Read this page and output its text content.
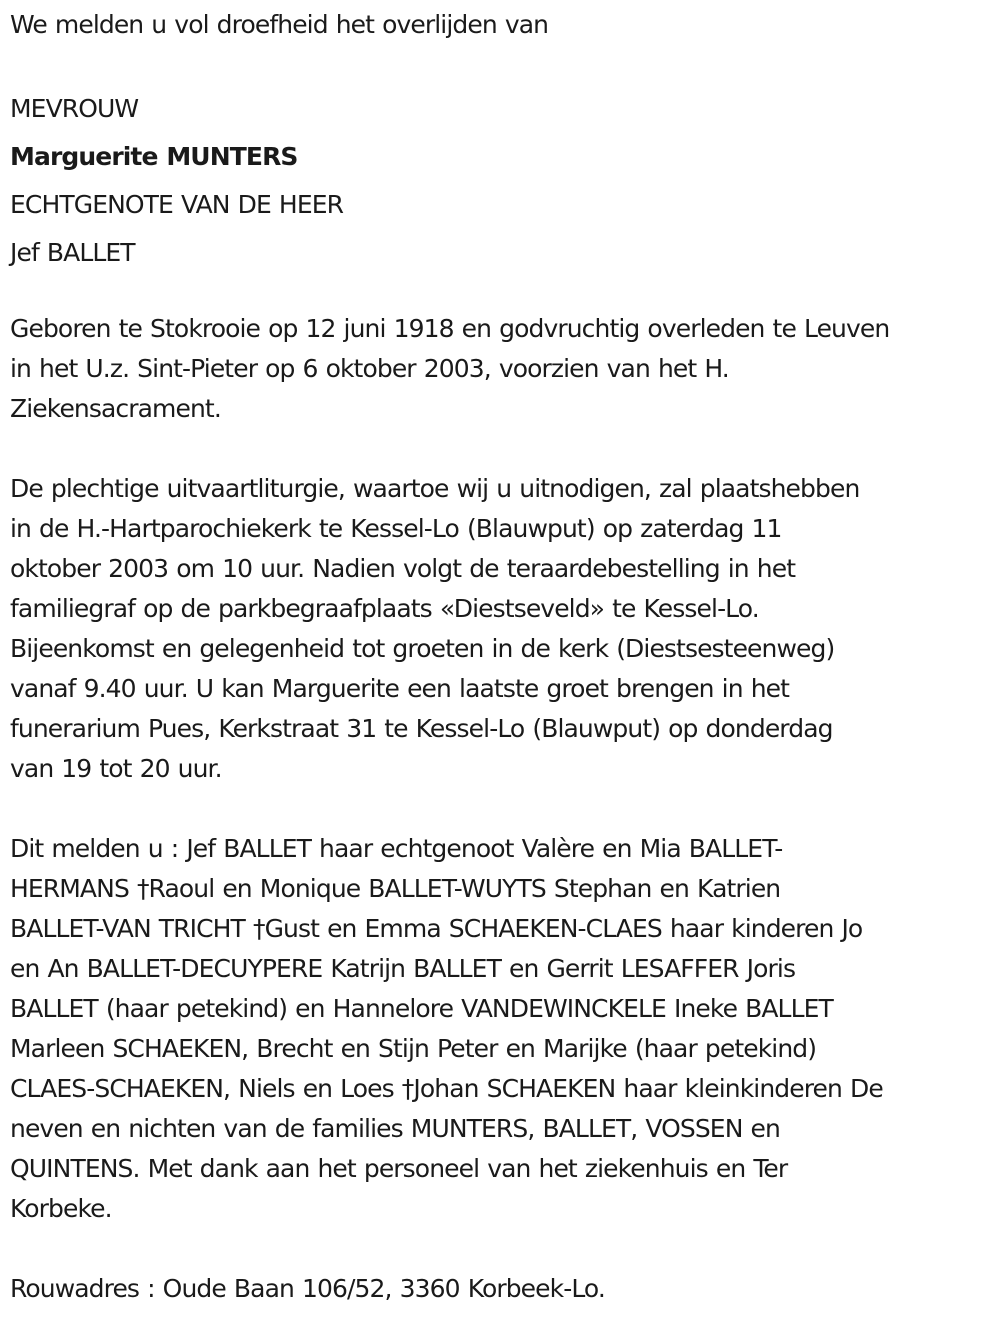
We melden u vol droefheid het overlijden van
MEVROUW
Marguerite MUNTERS
ECHTGENOTE VAN DE HEER
Jef BALLET

Geboren te Stokrooie op 12 juni 1918 en godvruchtig overleden te Leuven
in het U.z. Sint-Pieter op 6 oktober 2003, voorzien van het H.
Ziekensacrament.

De plechtige uitvaartliturgie, waartoe wij u uitnodigen, zal plaatshebben
in de H.-Hartparochiekerk te Kessel-Lo (Blauwput) op zaterdag 11
oktober 2003 om 10 uur. Nadien volgt de teraardebestelling in het
familiegraf op de parkbegraafplaats «Diestseveld» te Kessel-Lo.
Bijeenkomst en gelegenheid tot groeten in de kerk (Diestsesteenweg)
vanaf 9.40 uur. U kan Marguerite een laatste groet brengen in het
funerarium Pues, Kerkstraat 31 te Kessel-Lo (Blauwput) op donderdag
van 19 tot 20 uur.

Dit melden u : Jef BALLET haar echtgenoot Valère en Mia BALLET-
HERMANS †Raoul en Monique BALLET-WUYTS Stephan en Katrien
BALLET-VAN TRICHT †Gust en Emma SCHAEKEN-CLAES haar kinderen Jo
en An BALLET-DECUYPERE Katrijn BALLET en Gerrit LESAFFER Joris
BALLET (haar petekind) en Hannelore VANDEWINCKELE Ineke BALLET
Marleen SCHAEKEN, Brecht en Stijn Peter en Marijke (haar petekind)
CLAES-SCHAEKEN, Niels en Loes †Johan SCHAEKEN haar kleinkinderen De
neven en nichten van de families MUNTERS, BALLET, VOSSEN en
QUINTENS. Met dank aan het personeel van het ziekenhuis en Ter
Korbeke.

Rouwadres : Oude Baan 106/52, 3360 Korbeek-Lo.
